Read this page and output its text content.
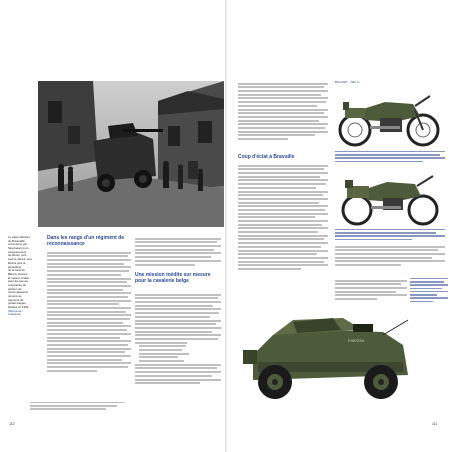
Le trajet habituel
du Breanaille
commence par
Skovselant à un
cantonnement
de Recey puis
sept le détour vers
Reims puis la
hostellerie
de la forêt de
Bèlvoir. Devant
la maison brûlée
avec les jeunes
volontaires du
peloton de
reconnaissance
nommé au
régiment de
guides belges
blindés en 1940.
(Delvoorte -
collection)
Dans les rangs d'un régiment de reconnaissance
Une mission inédite sur mesure pour la cavalerie belge
110
Coup d'éclat à Bravuille
BSA M20 ... 500 cc
F497234
111
